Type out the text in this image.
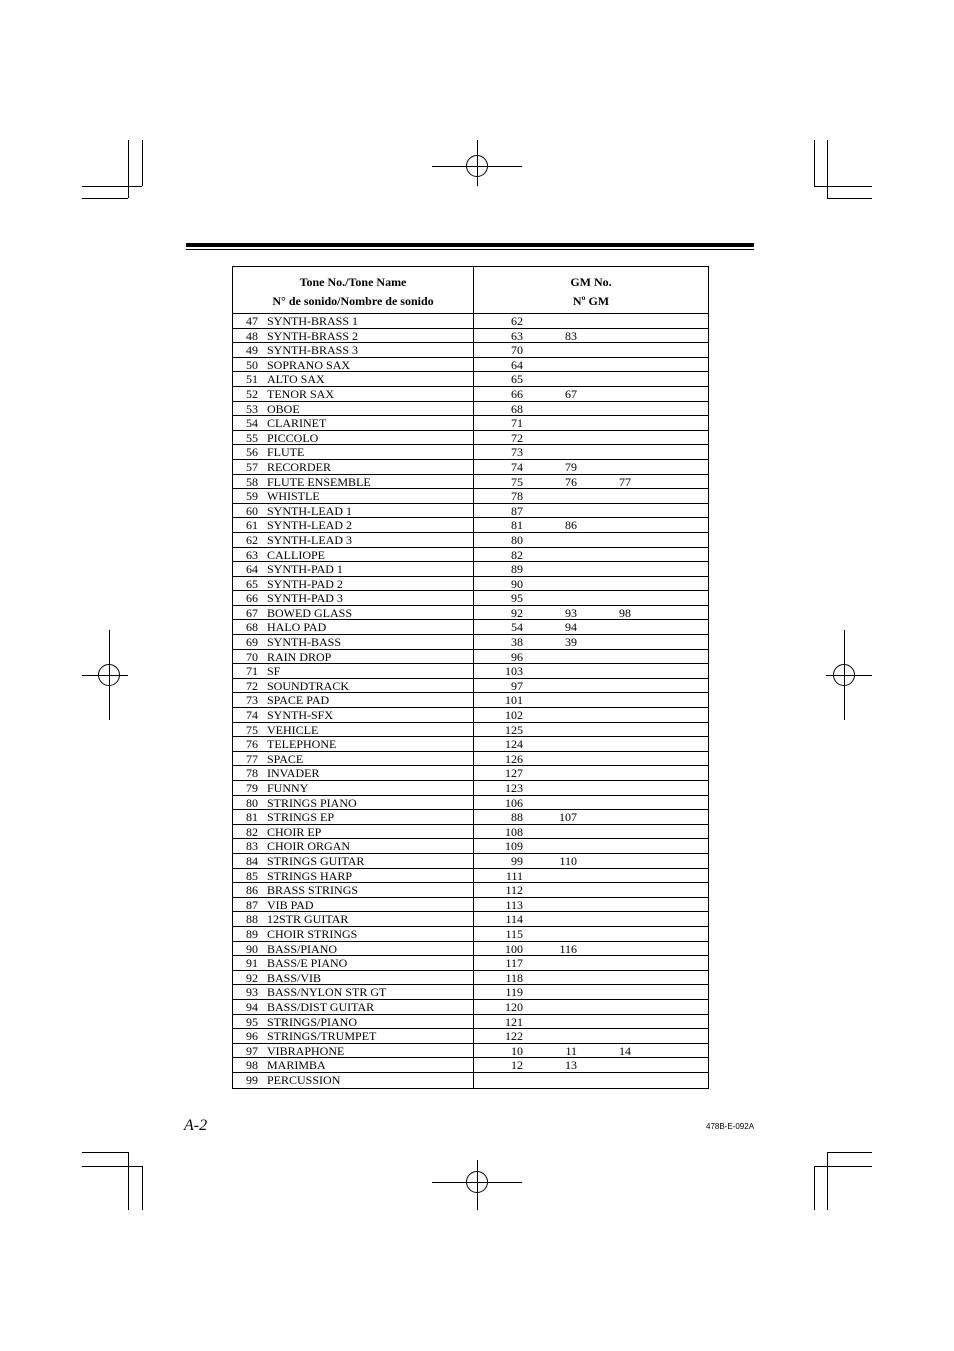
Tone No./Tone Name
N° de sonido/Nombre de sonido
GM No.
Nº GM
47 SYNTH-BRASS 1	62
48 SYNTH-BRASS 2	63	83
49 SYNTH-BRASS 3	70
50 SOPRANO SAX	64
51 ALTO SAX	65
52 TENOR SAX	66	67
53 OBOE	68
54 CLARINET	71
55 PICCOLO	72
56 FLUTE	73
57 RECORDER	74	79
58 FLUTE ENSEMBLE	75	76	77
59 WHISTLE	78
60 SYNTH-LEAD 1	87
61 SYNTH-LEAD 2	81	86
62 SYNTH-LEAD 3	80
63 CALLIOPE	82
64 SYNTH-PAD 1	89
65 SYNTH-PAD 2	90
66 SYNTH-PAD 3	95
67 BOWED GLASS	92	93	98
68 HALO PAD	54	94
69 SYNTH-BASS	38	39
70 RAIN DROP	96
71 SF	103
72 SOUNDTRACK	97
73 SPACE PAD	101
74 SYNTH-SFX	102
75 VEHICLE	125
76 TELEPHONE	124
77 SPACE	126
78 INVADER	127
79 FUNNY	123
80 STRINGS PIANO	106
81 STRINGS EP	88	107
82 CHOIR EP	108
83 CHOIR ORGAN	109
84 STRINGS GUITAR	99	110
85 STRINGS HARP	111
86 BRASS STRINGS	112
87 VIB PAD	113
88 12STR GUITAR	114
89 CHOIR STRINGS	115
90 BASS/PIANO	100	116
91 BASS/E PIANO	117
92 BASS/VIB	118
93 BASS/NYLON STR GT	119
94 BASS/DIST GUITAR	120
95 STRINGS/PIANO	121
96 STRINGS/TRUMPET	122
97 VIBRAPHONE	10	11	14
98 MARIMBA	12	13
99 PERCUSSION
A-2	478B-E-092A
